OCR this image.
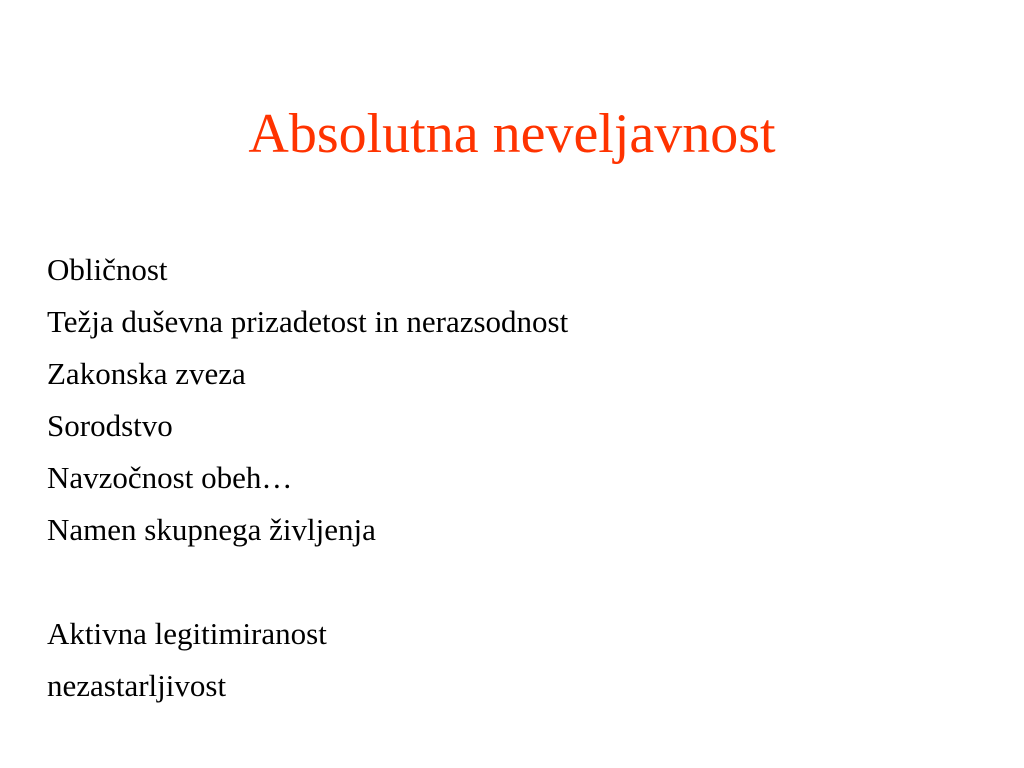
Absolutna neveljavnost
Obličnost
Težja duševna prizadetost in nerazsodnost
Zakonska zveza
Sorodstvo
Navzočnost obeh…
Namen skupnega življenja
Aktivna legitimiranost
nezastarljivost
